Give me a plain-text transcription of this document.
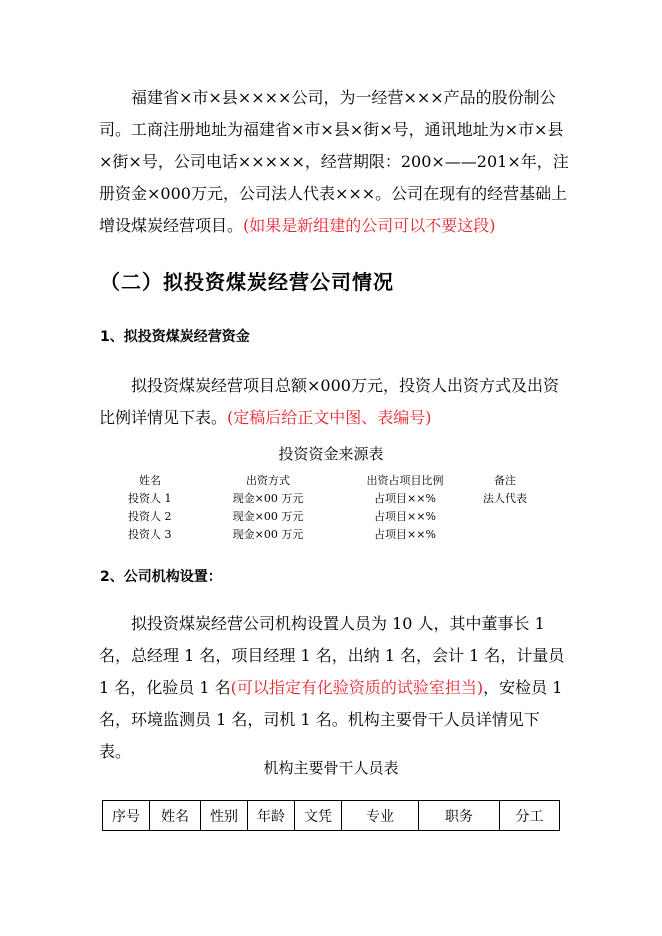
福建省×市×县××××公司，为一经营×××产品的股份制公司。工商注册地址为福建省×市×县×街×号，通讯地址为×市×县×街×号，公司电话×××××，经营期限：200×——201×年，注册资金×000万元，公司法人代表×××。公司在现有的经营基础上增设煤炭经营项目。(如果是新组建的公司可以不要这段)

（二）拟投资煤炭经营公司情况
1、拟投资煤炭经营资金

拟投资煤炭经营项目总额×000万元，投资人出资方式及出资比例详情见下表。(定稿后给正文中图、表编号)

投资资金来源表
姓名	出资方式	出资占项目比例	备注
投资人 1	现金×00 万元	占项目××%	法人代表
投资人 2	现金×00 万元	占项目××%
投资人 3	现金×00 万元	占项目××%
2、公司机构设置：

拟投资煤炭经营公司机构设置人员为 10 人，其中董事长 1 名，总经理 1 名，项目经理 1 名，出纳 1 名，会计 1 名，计量员 1 名，化验员 1 名(可以指定有化验资质的试验室担当)，安检员 1 名，环境监测员 1 名，司机 1 名。机构主要骨干人员详情见下表。

机构主要骨干人员表
序号	姓名	性别	年龄	文凭	专业	职务	分工
